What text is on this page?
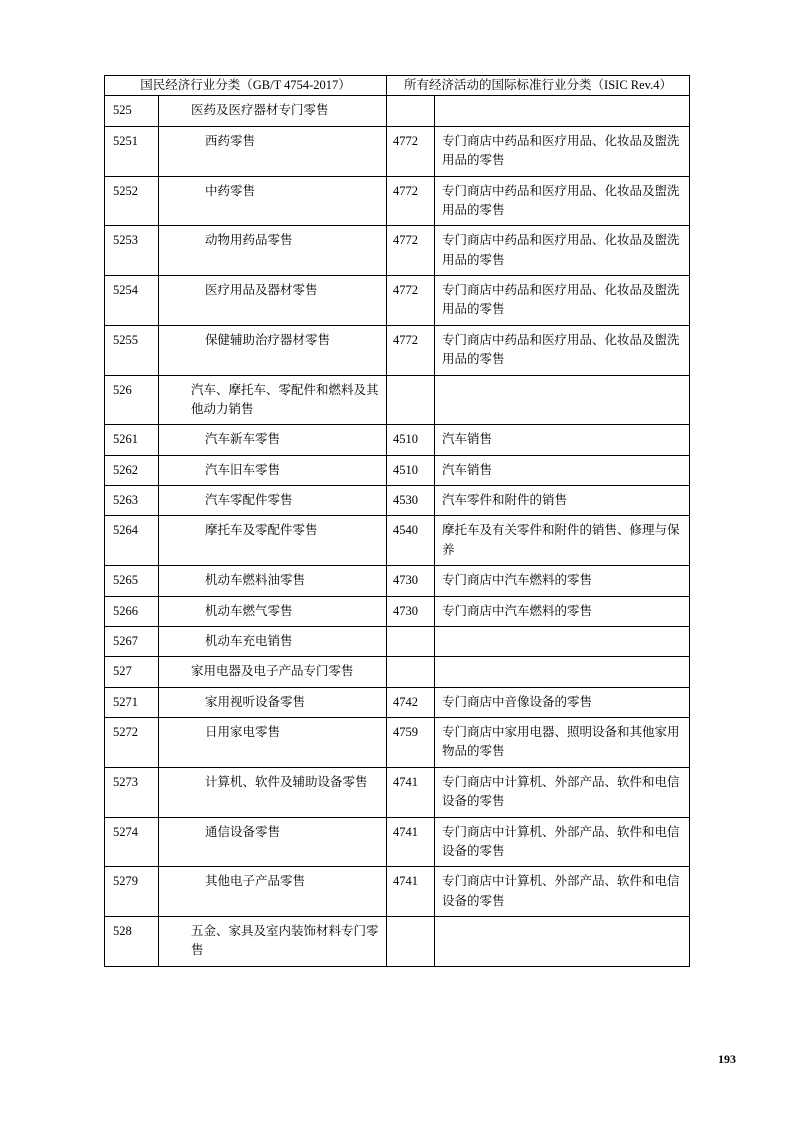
国民经济行业分类（GB/T 4754-2017）		所有经济活动的国际标准行业分类（ISIC Rev.4）	

525	医药及医疗器材专门零售		

5251	西药零售	4772	专门商店中药品和医疗用品、化妆品及盥洗用品的零售

5252	中药零售	4772	专门商店中药品和医疗用品、化妆品及盥洗用品的零售

5253	动物用药品零售	4772	专门商店中药品和医疗用品、化妆品及盥洗用品的零售

5254	医疗用品及器材零售	4772	专门商店中药品和医疗用品、化妆品及盥洗用品的零售

5255	保健辅助治疗器材零售	4772	专门商店中药品和医疗用品、化妆品及盥洗用品的零售

526	汽车、摩托车、零配件和燃料及其他动力销售		

5261	汽车新车零售	4510	汽车销售

5262	汽车旧车零售	4510	汽车销售

5263	汽车零配件零售	4530	汽车零件和附件的销售

5264	摩托车及零配件零售	4540	摩托车及有关零件和附件的销售、修理与保养

5265	机动车燃料油零售	4730	专门商店中汽车燃料的零售

5266	机动车燃气零售	4730	专门商店中汽车燃料的零售

5267	机动车充电销售		

527	家用电器及电子产品专门零售		

5271	家用视听设备零售	4742	专门商店中音像设备的零售

5272	日用家电零售	4759	专门商店中家用电器、照明设备和其他家用物品的零售

5273	计算机、软件及辅助设备零售	4741	专门商店中计算机、外部产品、软件和电信设备的零售

5274	通信设备零售	4741	专门商店中计算机、外部产品、软件和电信设备的零售

5279	其他电子产品零售	4741	专门商店中计算机、外部产品、软件和电信设备的零售

528	五金、家具及室内装饰材料专门零售		

193
